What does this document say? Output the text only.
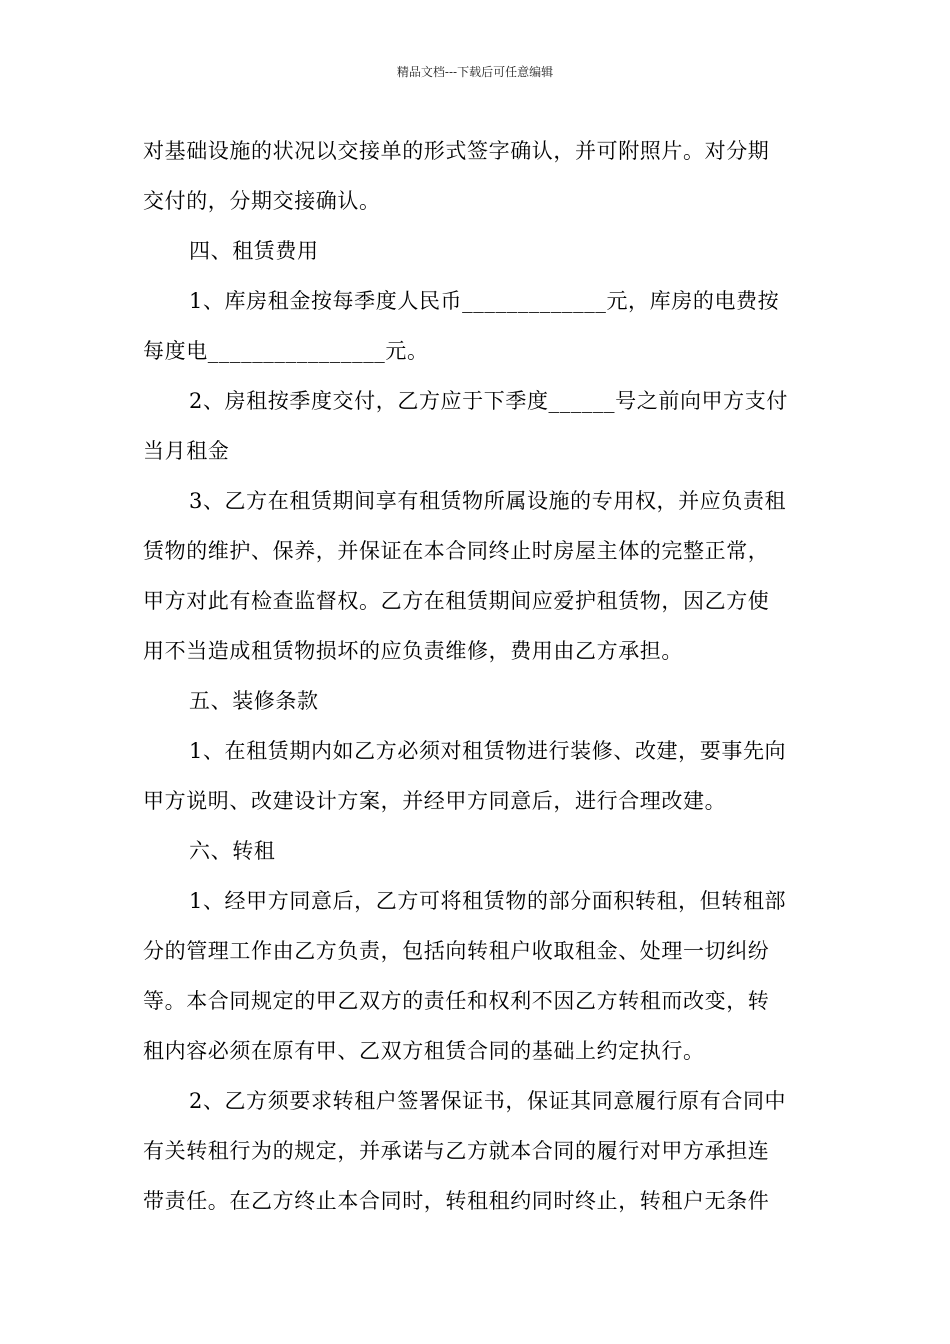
精品文档---下载后可任意编辑
对基础设施的状况以交接单的形式签字确认，并可附照片。对分期
交付的，分期交接确认。
四、租赁费用
1、库房租金按每季度人民币_____________元，库房的电费按
每度电________________元。
2、房租按季度交付，乙方应于下季度______号之前向甲方支付
当月租金
3、乙方在租赁期间享有租赁物所属设施的专用权，并应负责租
赁物的维护、保养，并保证在本合同终止时房屋主体的完整正常，
甲方对此有检查监督权。乙方在租赁期间应爱护租赁物，因乙方使
用不当造成租赁物损坏的应负责维修，费用由乙方承担。
五、装修条款
1、在租赁期内如乙方必须对租赁物进行装修、改建，要事先向
甲方说明、改建设计方案，并经甲方同意后，进行合理改建。
六、转租
1、经甲方同意后，乙方可将租赁物的部分面积转租，但转租部
分的管理工作由乙方负责，包括向转租户收取租金、处理一切纠纷
等。本合同规定的甲乙双方的责任和权利不因乙方转租而改变，转
租内容必须在原有甲、乙双方租赁合同的基础上约定执行。
2、乙方须要求转租户签署保证书，保证其同意履行原有合同中
有关转租行为的规定，并承诺与乙方就本合同的履行对甲方承担连
带责任。在乙方终止本合同时，转租租约同时终止，转租户无条件
